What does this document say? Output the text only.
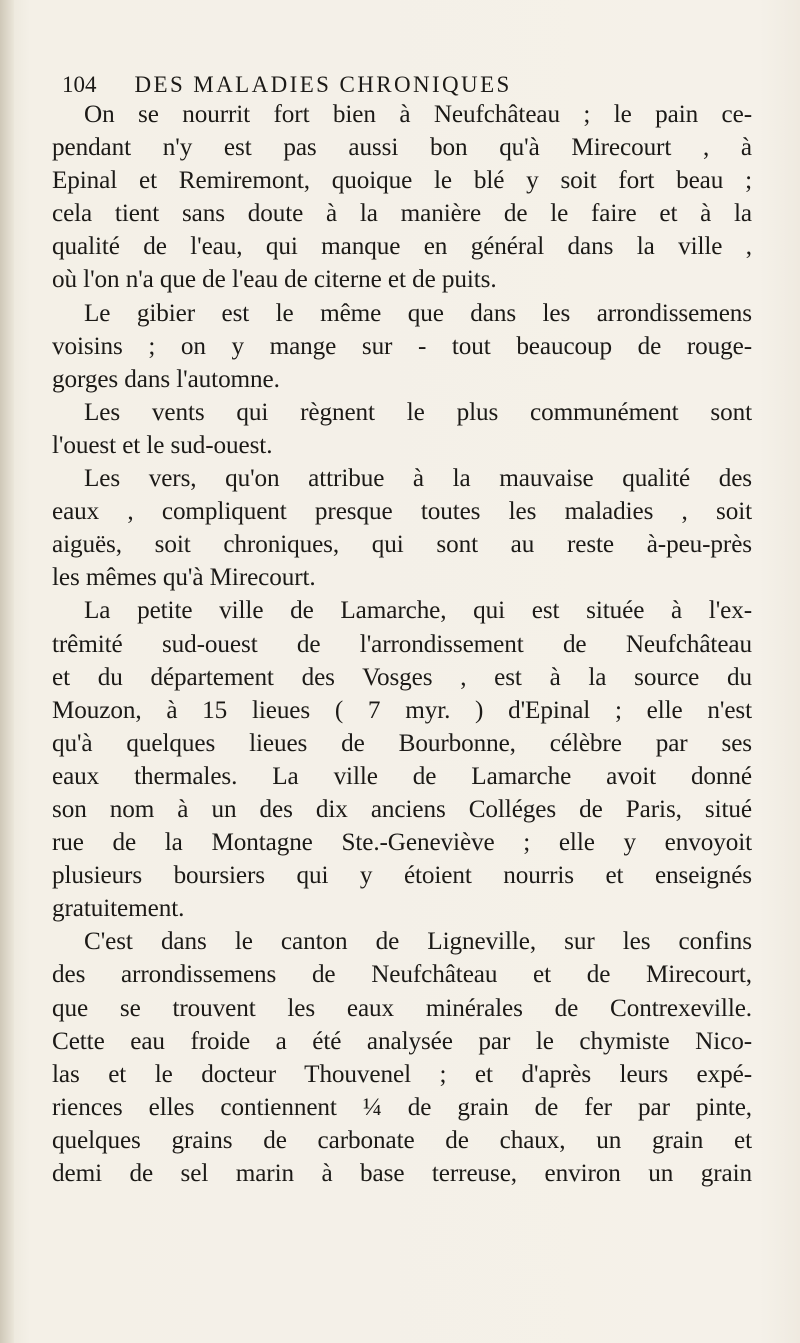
104 DES MALADIES CHRONIQUES
On se nourrit fort bien à Neufchâteau ; le pain ce-
pendant n'y est pas aussi bon qu'à Mirecourt , à
Epinal et Remiremont, quoique le blé y soit fort beau ;
cela tient sans doute à la manière de le faire et à la
qualité de l'eau, qui manque en général dans la ville ,
où l'on n'a que de l'eau de citerne et de puits.
Le gibier est le même que dans les arrondissemens
voisins ; on y mange sur - tout beaucoup de rouge-
gorges dans l'automne.
Les vents qui règnent le plus communément sont
l'ouest et le sud-ouest.
Les vers, qu'on attribue à la mauvaise qualité des
eaux , compliquent presque toutes les maladies , soit
aiguës, soit chroniques, qui sont au reste à-peu-près
les mêmes qu'à Mirecourt.
La petite ville de Lamarche, qui est située à l'ex-
trêmité sud-ouest de l'arrondissement de Neufchâteau
et du département des Vosges , est à la source du
Mouzon, à 15 lieues ( 7 myr. ) d'Epinal ; elle n'est
qu'à quelques lieues de Bourbonne, célèbre par ses
eaux thermales. La ville de Lamarche avoit donné
son nom à un des dix anciens Colléges de Paris, situé
rue de la Montagne Ste.-Geneviève ; elle y envoyoit
plusieurs boursiers qui y étoient nourris et enseignés
gratuitement.
C'est dans le canton de Ligneville, sur les confins
des arrondissemens de Neufchâteau et de Mirecourt,
que se trouvent les eaux minérales de Contrexeville.
Cette eau froide a été analysée par le chymiste Nico-
las et le docteur Thouvenel ; et d'après leurs expé-
riences elles contiennent ¼ de grain de fer par pinte,
quelques grains de carbonate de chaux, un grain et
demi de sel marin à base terreuse, environ un grain
